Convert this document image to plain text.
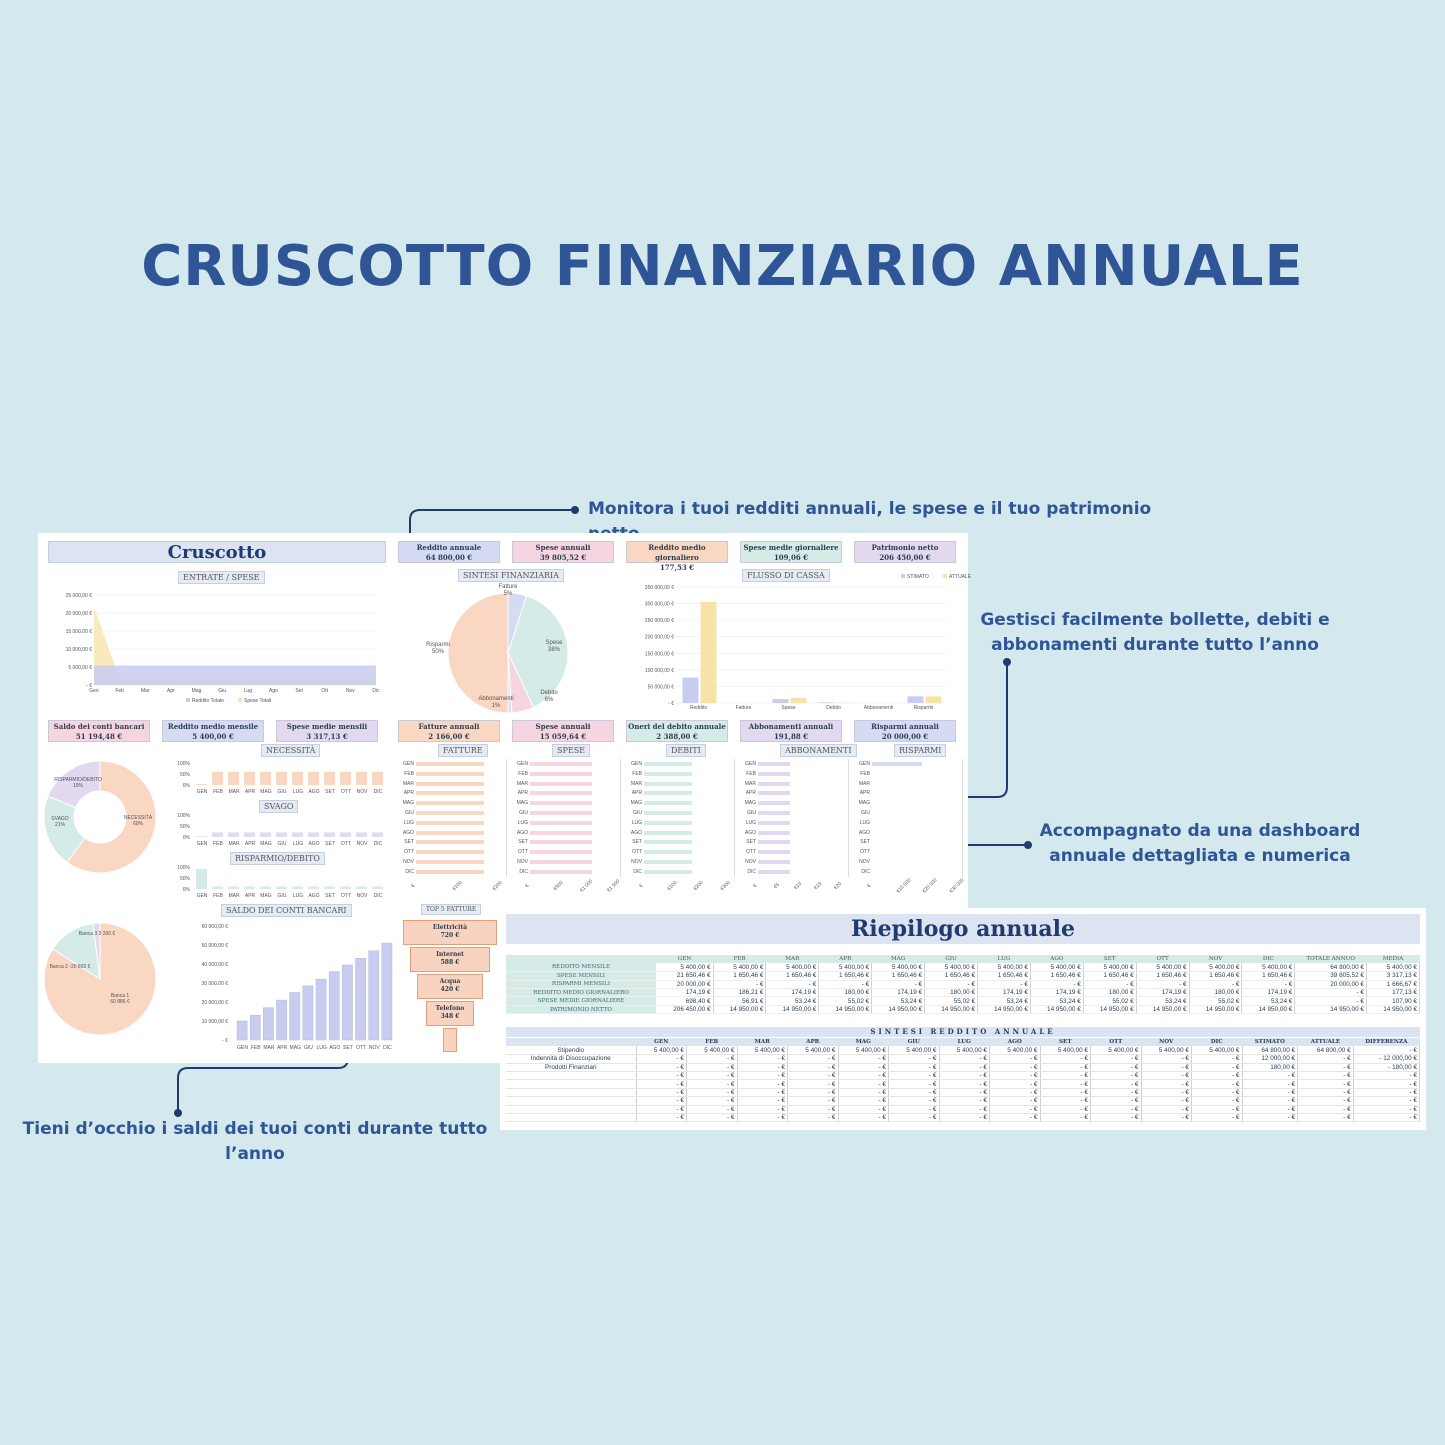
CRUSCOTTO FINANZIARIO ANNUALE
Monitora i tuoi redditi annuali, le spese e il tuo patrimonio
Gestisci facilmente bollette, debiti e abbonamenti durante tutto l’anno
Accompagnato da una dashboard annuale dettagliata e numerica
Tieni d’occhio i saldi dei tuoi conti durante tutto l’anno
Cruscotto	Reddito annuale
64 800,00 €
Spese annuali
39 805,52 €
Reddito medio giornaliero
177,53 €
Spese medie giornaliere
109,06 €
Patrimonio netto
206 450,00 €
Saldo dei conti bancari
51 194,48 €
Reddito medio mensile
5 400,00 €
Spese medie mensili
3 317,13 €
Fatture annuali
2 166,00 €
Spese annuali
15 059,64 €
Oneri del debito annuale
2 388,00 €
Abbonamenti annuali
191,88 €
Risparmi annuali
20 000,00 €
ENTRATE / SPESE
25 000,00 €
20 000,00 €
15 000,00 €
10 000,00 €
5 000,00 €
- €
Gen	Feb	Mar	Apr	Mag	Giu	Lug	Ago	Set	Ott	Nov	Dic
Reddito Totale	Spese Totali
SINTESI FINANZIARIA
Fatture
5%
Spese
38%
Debito
6%
Abbonamenti
1%
Risparmi
50%
FLUSSO DI CASSA
350 000,00 €
300 000,00 €
250 000,00 €
200 000,00 €
150 000,00 €
100 000,00 €
50 000,00 €
- €
Reddito	Fatture	Spese	Debito	Abbonamenti	Risparmi
STIMATO	ATTUALE
NECESSITÀ
60%
SVAGO
21%
RISPARMIO/DEBITO
19%
NECESSITÀ
100%
50%
0%
GEN FEB MAR APR MAG GIU LUG AGO SET OTT NOV DIC
SVAGO
100%
50%
0%
GEN FEB MAR APR MAG GIU LUG AGO SET OTT NOV DIC
RISPARMIO/DEBITO
100%
50%
0%
GEN FEB MAR APR MAG GIU LUG AGO SET OTT NOV DIC
Banca 1
60 886 €
Banca 2 -20 892 €
Banca 3 3 200 €
SALDO DEI CONTI BANCARI
60 000,00 €
50 000,00 €
40 000,00 €
30 000,00 €
20 000,00 €
10 000,00 €
- €
GEN FEB MAR APR MAG GIU LUG AGO SET OTT NOV DIC
FATTURE
GEN
FEB
MAR
APR
MAG
GIU
LUG
AGO
SET
OTT
NOV
DIC
€	€100	€200
SPESE
GEN
FEB
MAR
APR
MAG
GIU
LUG
AGO
SET
OTT
NOV
DIC
€	€500	€1 000 €1 500
DEBITI
GEN
FEB
MAR
APR
MAG
GIU
LUG
AGO
SET
OTT
NOV
DIC
€	€100	€200	€300
ABBONAMENTI
GEN
FEB
MAR
APR
MAG
GIU
LUG
AGO
SET
OTT
NOV
DIC
€	€5 €10 €15 €20
RISPARMI
GEN
FEB
MAR
APR
MAG
GIU
LUG
AGO
SET
OTT
NOV
DIC
€	€10 000 €20 000 €30 000
TOP 5 FATTURE
Elettricità
720 €
Internet
588 €
Acqua
420 €
Telefono
348 €
Riepilogo annuale
	GEN	FEB	MAR	APR	MAG	GIU	LUG	AGO	SET	OTT	NOV	DIC	TOTALE ANNUO	MEDIA
REDDITO MENSILE	5 400,00 €	5 400,00 €	5 400,00 €	5 400,00 €	5 400,00 €	5 400,00 €	5 400,00 €	5 400,00 €	5 400,00 €	5 400,00 €	5 400,00 €	5 400,00 €	64 800,00 €	5 400,00 €
SPESE MENSILI	21 650,46 €	1 650,46 €	1 650,46 €	1 650,46 €	1 650,46 €	1 650,46 €	1 650,46 €	1 650,46 €	1 650,46 €	1 650,46 €	1 650,46 €	1 650,46 €	39 805,52 €	3 317,13 €
RISPARMI MENSILI	20 000,00 €	- €	- €	- €	- €	- €	- €	- €	- €	- €	- €	- €	20 000,00 €	1 666,67 €
REDDITO MEDIO GIORNALIERO	174,19 €	186,21 €	174,19 €	180,00 €	174,19 €	180,00 €	174,19 €	174,19 €	180,00 €	174,19 €	180,00 €	174,19 €	- €	177,13 €
SPESE MEDIE GIORNALIERE	698,40 €	56,91 €	53,24 €	55,02 €	53,24 €	55,02 €	53,24 €	53,24 €	55,02 €	53,24 €	55,02 €	53,24 €	- €	107,90 €
PATRIMONIO NETTO	206 450,00 €	14 950,00 €	14 950,00 €	14 950,00 €	14 950,00 €	14 950,00 €	14 950,00 €	14 950,00 €	14 950,00 €	14 950,00 €	14 950,00 €	14 950,00 €	14 950,00 €	14 950,00 €
SINTESI REDDITO ANNUALE
	GEN	FEB	MAR	APR	MAG	GIU	LUG	AGO	SET	OTT	NOV	DIC	STIMATO	ATTUALE	DIFFERENZA
Stipendio	5 400,00 €	5 400,00 €	5 400,00 €	5 400,00 €	5 400,00 €	5 400,00 €	5 400,00 €	5 400,00 €	5 400,00 €	5 400,00 €	5 400,00 €	5 400,00 €	64 800,00 €	64 800,00 €	- €
Indennità di Disoccupazione	- €	- €	- €	- €	- €	- €	- €	- €	- €	- €	- €	- €	12 000,00 €	- €	- 12 000,00 €
Prodotti Finanziari	- €	- €	- €	- €	- €	- €	- €	- €	- €	- €	- €	- €	180,00 €	- €	- 180,00 €
	- €	- €	- €	- €	- €	- €	- €	- €	- €	- €	- €	- €	- €	- €	- €
	- €	- €	- €	- €	- €	- €	- €	- €	- €	- €	- €	- €	- €	- €	- €
	- €	- €	- €	- €	- €	- €	- €	- €	- €	- €	- €	- €	- €	- €	- €
	- €	- €	- €	- €	- €	- €	- €	- €	- €	- €	- €	- €	- €	- €	- €
	- €	- €	- €	- €	- €	- €	- €	- €	- €	- €	- €	- €	- €	- €	- €
	- €	- €	- €	- €	- €	- €	- €	- €	- €	- €	- €	- €	- €	- €	- €
